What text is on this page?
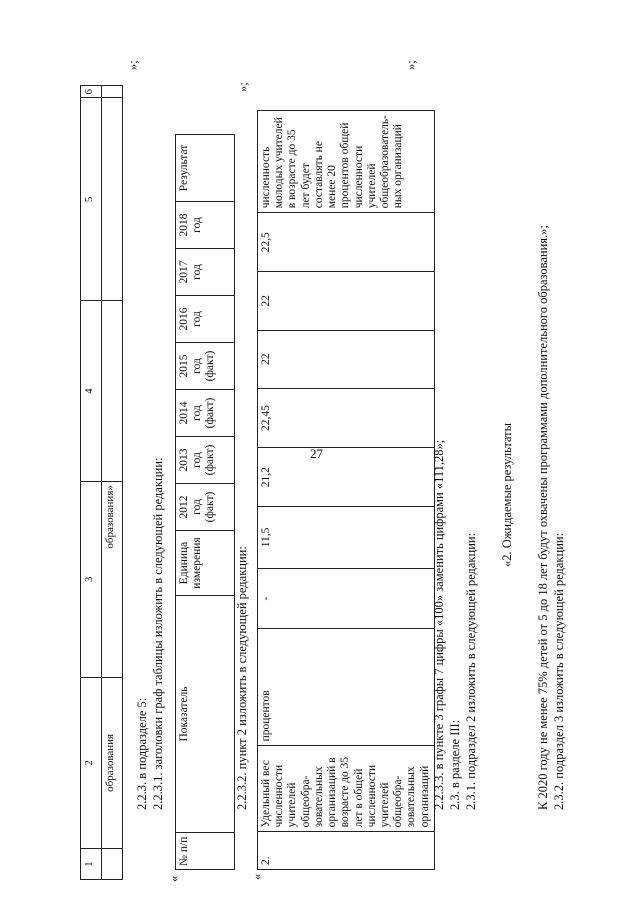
27
1	2	3	4	5	6
	образования	образования»			
»;
2.2.3. в подразделе 5: 2.2.3.1. заголовки граф таблицы изложить в следующей редакции:
«
№ п/п	Показатель	Единица измерения	2012 год (факт)	2013 год (факт)	2014 год (факт)	2015 год (факт)	2016 год	2017 год	2018 год	Результат
»;
2.2.3.2. пункт 2 изложить в следующей редакции:
«
2.	Удельный вес численности учителей общеобра-зовательных организаций в возрасте до 35 лет в общей численности учителей общеобра-зовательных организаций	процентов	-	11,5	21,2	22,45	22	22	22,5	численность молодых учителей в возрасте до 35 лет будет составлять не менее 20 процентов общей численности учителей общеобразователь-ных организаций
»;
2.2.3.3. в пункте 3 графы 7 цифры «100» заменить цифрами «111,28»; 2.3. в разделе III: 2.3.1. подраздел 2 изложить в следующей редакции:
«2. Ожидаемые результаты К 2020 году не менее 75% детей от 5 до 18 лет будут охвачены программами дополнительного образования.»; 2.3.2. подраздел 3 изложить в следующей редакции:
